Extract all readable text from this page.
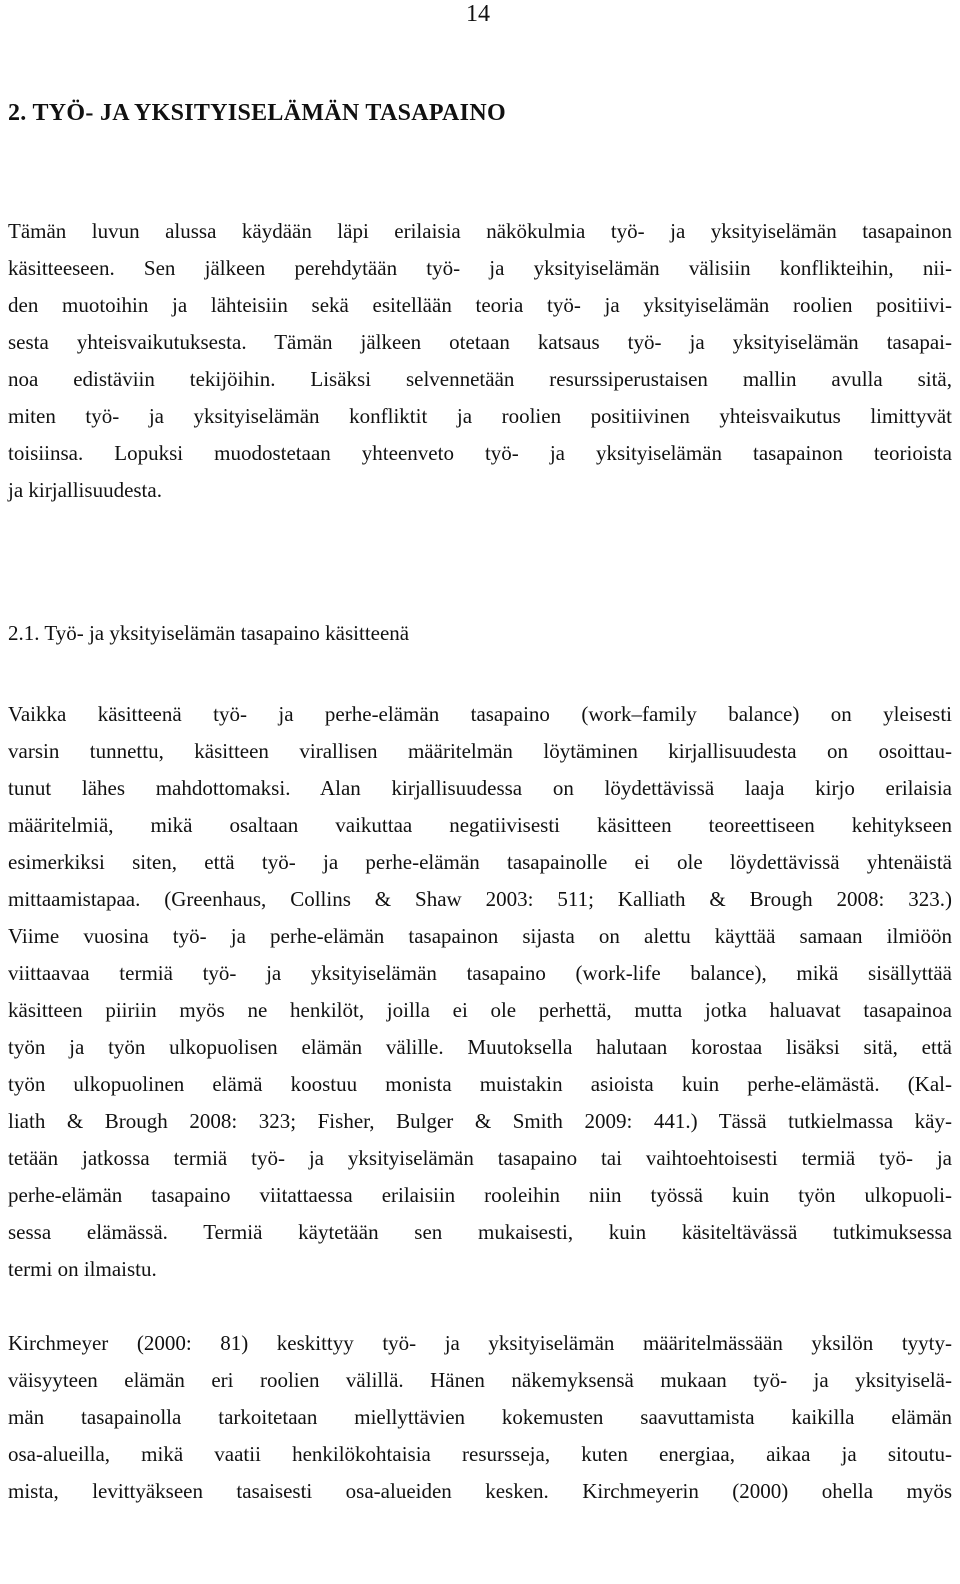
14
2. TYÖ- JA YKSITYISELÄMÄN TASAPAINO
Tämän luvun alussa käydään läpi erilaisia näkökulmia työ- ja yksityiselämän tasapainon
käsitteeseen. Sen jälkeen perehdytään työ- ja yksityiselämän välisiin konflikteihin, nii-
den muotoihin ja lähteisiin sekä esitellään teoria työ- ja yksityiselämän roolien positiivi-
sesta yhteisvaikutuksesta. Tämän jälkeen otetaan katsaus työ- ja yksityiselämän tasapai-
noa edistäviin tekijöihin. Lisäksi selvennetään resurssiperustaisen mallin avulla sitä,
miten työ- ja yksityiselämän konfliktit ja roolien positiivinen yhteisvaikutus limittyvät
toisiinsa. Lopuksi muodostetaan yhteenveto työ- ja yksityiselämän tasapainon teorioista
ja kirjallisuudesta.
2.1. Työ- ja yksityiselämän tasapaino käsitteenä
Vaikka käsitteenä työ- ja perhe-elämän tasapaino (work–family balance) on yleisesti
varsin tunnettu, käsitteen virallisen määritelmän löytäminen kirjallisuudesta on osoittau-
tunut lähes mahdottomaksi. Alan kirjallisuudessa on löydettävissä laaja kirjo erilaisia
määritelmiä, mikä osaltaan vaikuttaa negatiivisesti käsitteen teoreettiseen kehitykseen
esimerkiksi siten, että työ- ja perhe-elämän tasapainolle ei ole löydettävissä yhtenäistä
mittaamistapaa. (Greenhaus, Collins & Shaw 2003: 511; Kalliath & Brough 2008: 323.)
Viime vuosina työ- ja perhe-elämän tasapainon sijasta on alettu käyttää samaan ilmiöön
viittaavaa termiä työ- ja yksityiselämän tasapaino (work-life balance), mikä sisällyttää
käsitteen piiriin myös ne henkilöt, joilla ei ole perhettä, mutta jotka haluavat tasapainoa
työn ja työn ulkopuolisen elämän välille. Muutoksella halutaan korostaa lisäksi sitä, että
työn ulkopuolinen elämä koostuu monista muistakin asioista kuin perhe-elämästä. (Kal-
liath & Brough 2008: 323; Fisher, Bulger & Smith 2009: 441.) Tässä tutkielmassa käy-
tetään jatkossa termiä työ- ja yksityiselämän tasapaino tai vaihtoehtoisesti termiä työ- ja
perhe-elämän tasapaino viitattaessa erilaisiin rooleihin niin työssä kuin työn ulkopuoli-
sessa elämässä. Termiä käytetään sen mukaisesti, kuin käsiteltävässä tutkimuksessa
termi on ilmaistu.
Kirchmeyer (2000: 81) keskittyy työ- ja yksityiselämän määritelmässään yksilön tyyty-
väisyyteen elämän eri roolien välillä. Hänen näkemyksensä mukaan työ- ja yksityiselä-
män tasapainolla tarkoitetaan miellyttävien kokemusten saavuttamista kaikilla elämän
osa-alueilla, mikä vaatii henkilökohtaisia resursseja, kuten energiaa, aikaa ja sitoutu-
mista, levittyäkseen tasaisesti osa-alueiden kesken. Kirchmeyerin (2000) ohella myös
